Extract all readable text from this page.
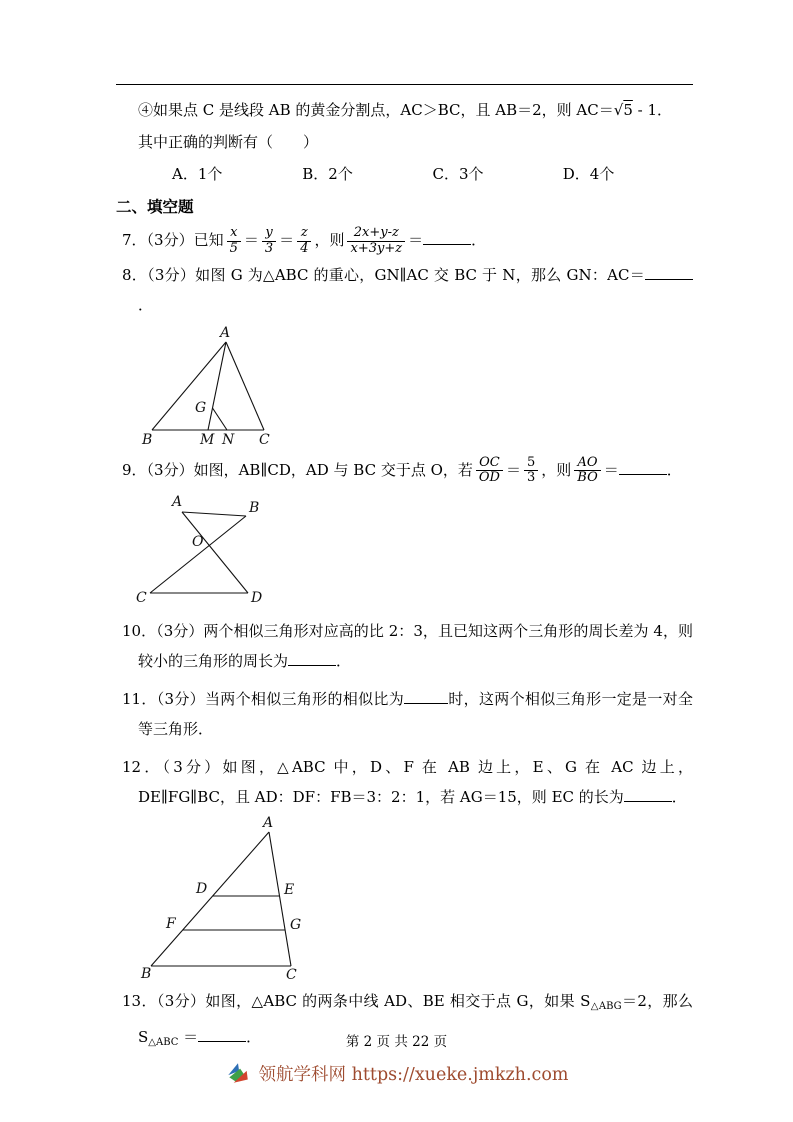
④如果点 C 是线段 AB 的黄金分割点，AC＞BC，且 AB＝2，则 AC＝√5 - 1．

其中正确的判断有（　　）

A．1个	B．2个	C．3个	D．4个
二、填空题

7．（3分）已知 $\frac{x}{5} = \frac{y}{3} = \frac{z}{4}$ ，则 $\frac{2x+y-z}{x+3y+z}$ ＝	．

8．（3分）如图 G 为△ABC 的重心，GN∥AC 交 BC 于 N，那么 GN：AC＝．

A
B	C
G
M N

9．（3分）如图，AB∥CD，AD 与 BC 交于点 O，若 $\frac{OC}{OD} = \frac{5}{3}$ ，则 $\frac{AO}{BO}$ ＝	．

A	B
O
C	D

10．（3分）两个相似三角形对应高的比 2：3，且已知这两个三角形的周长差为 4，则较小的三角形的周长为	．

11．（3分）当两个相似三角形的相似比为	时，这两个相似三角形一定是一对全等三角形．

12．（3分）如图，△ABC 中，D、F 在 AB 边上，E、G 在 AC 边上，DE∥FG∥BC，且 AD：DF：FB＝3：2：1，若 AG＝15，则 EC 的长为	．

A
B	C
D	E
F	G

13．（3分）如图，△ABC 的两条中线 AD、BE 相交于点 G，如果 $S_{\triangle ABG}=2$，那么 $S_{\triangle ABC}$ ＝	．	第 2 页 共 22 页
领航学科网 https://xueke.jmkzh.com
